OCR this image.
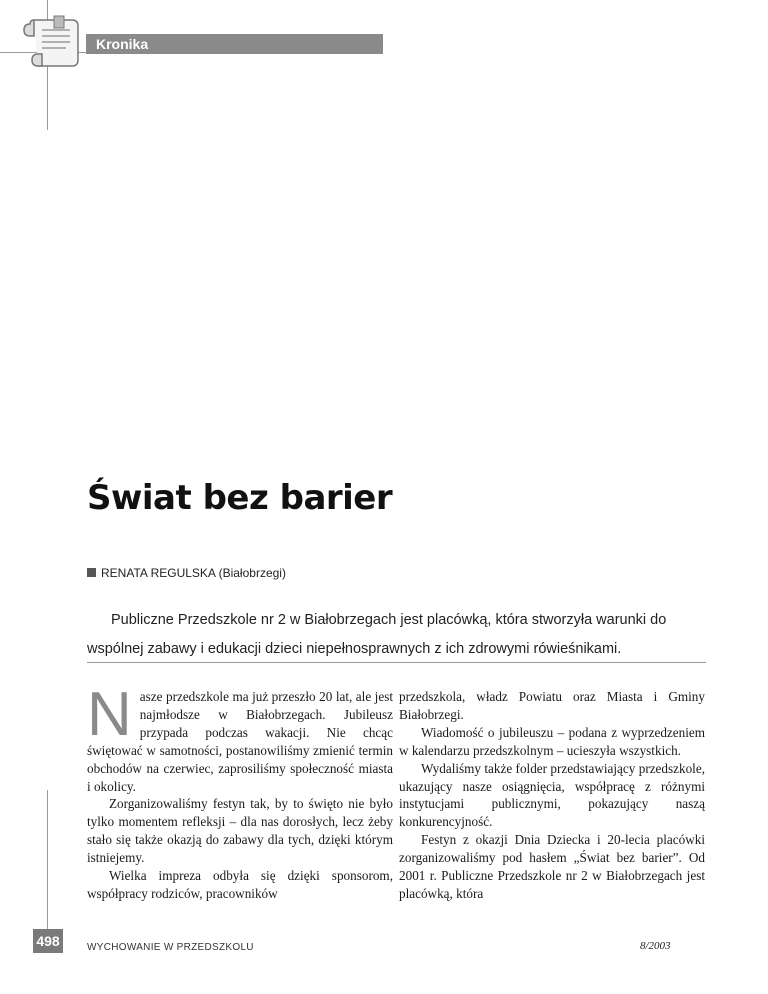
Kronika
Świat bez barier
RENATA REGULSKA (Białobrzegi)
Publiczne Przedszkole nr 2 w Białobrzegach jest placówką, która stworzyła warunki do wspólnej zabawy i edukacji dzieci niepełnosprawnych z ich zdrowymi rówieśnikami.

Nasze przedszkole ma już przeszło 20 lat, ale jest najmłodsze w Białobrzegach. Jubileusz przypada podczas wakacji. Nie chcąc świętować w samotności, postanowiliśmy zmienić termin obchodów na czerwiec, zaprosiliśmy społeczność miasta i okolicy.

Zorganizowaliśmy festyn tak, by to święto nie było tylko momentem refleksji – dla nas dorosłych, lecz żeby stało się także okazją do zabawy dla tych, dzięki którym istniejemy.

Wielka impreza odbyła się dzięki sponsorom, współpracy rodziców, pracowników

przedszkola, władz Powiatu oraz Miasta i Gminy Białobrzegi.

Wiadomość o jubileuszu – podana z wyprzedzeniem w kalendarzu przedszkolnym – ucieszyła wszystkich.

Wydaliśmy także folder przedstawiający przedszkole, ukazujący nasze osiągnięcia, współpracę z różnymi instytucjami publicznymi, pokazujący naszą konkurencyjność.

Festyn z okazji Dnia Dziecka i 20-lecia placówki zorganizowaliśmy pod hasłem „Świat bez barier”. Od 2001 r. Publiczne Przedszkole nr 2 w Białobrzegach jest placówką, która

498	WYCHOWANIE W PRZEDSZKOLU	8/2003
